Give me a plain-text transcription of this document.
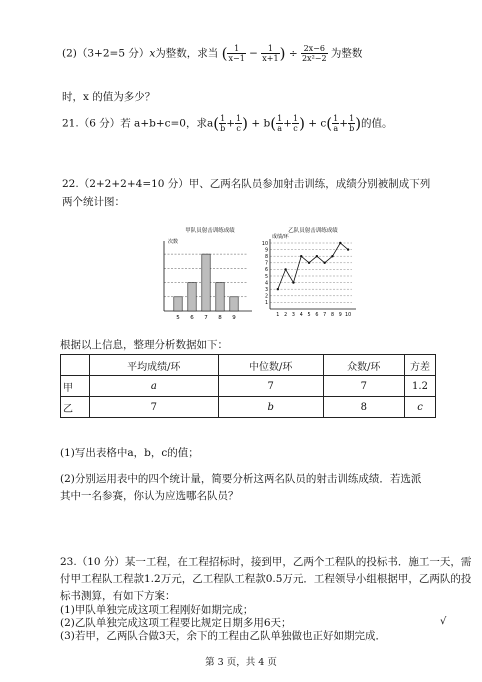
(2)（3+2=5 分）x为整数，求当 ( $\frac{1}{x-1} - \frac{1}{x+1}$ ) ÷ $\frac{2x-6}{\text{2x²−2}}$ 为整数
时，x 的值为多少？
21.（6 分）若 a+b+c=0，求$a( \frac{1}{b} + \frac{1}{c}$ ) + $b( \frac{1}{a} + \frac{1}{c}$ ) + $c( \frac{1}{a} + \frac{1}{b}$ )的值。
22.（2+2+2+4=10 分）甲、乙两名队员参加射击训练，成绩分别被制成下列
两个统计图：
甲队员射击训练成绩
次数
5 6 7 8 9
乙队员射击训练成绩
成绩/环
1
2
3
4
5
6
7
8
9
10
1 2 3 4 5 6 7 8 9 10
根据以上信息，整理分析数据如下：
	平均成绩/环	中位数/环	众数/环	方差
甲	a	7	7	1.2
乙	7	b	8	c
(1)写出表格中a，b，c的值；
(2)分别运用表中的四个统计量，简要分析这两名队员的射击训练成绩．若选派
其中一名参赛，你认为应选哪名队员？
23.（10 分）某一工程，在工程招标时，接到甲，乙两个工程队的投标书．施工一天，需
付甲工程队工程款1.2万元，乙工程队工程款0.5万元．工程领导小组根据甲，乙两队的投
标书测算，有如下方案：
(1)甲队单独完成这项工程刚好如期完成；
(2)乙队单独完成这项工程要比规定日期多用6天；
(3)若甲，乙两队合做3天，余下的工程由乙队单独做也正好如期完成．
√
第 3 页，共 4 页
